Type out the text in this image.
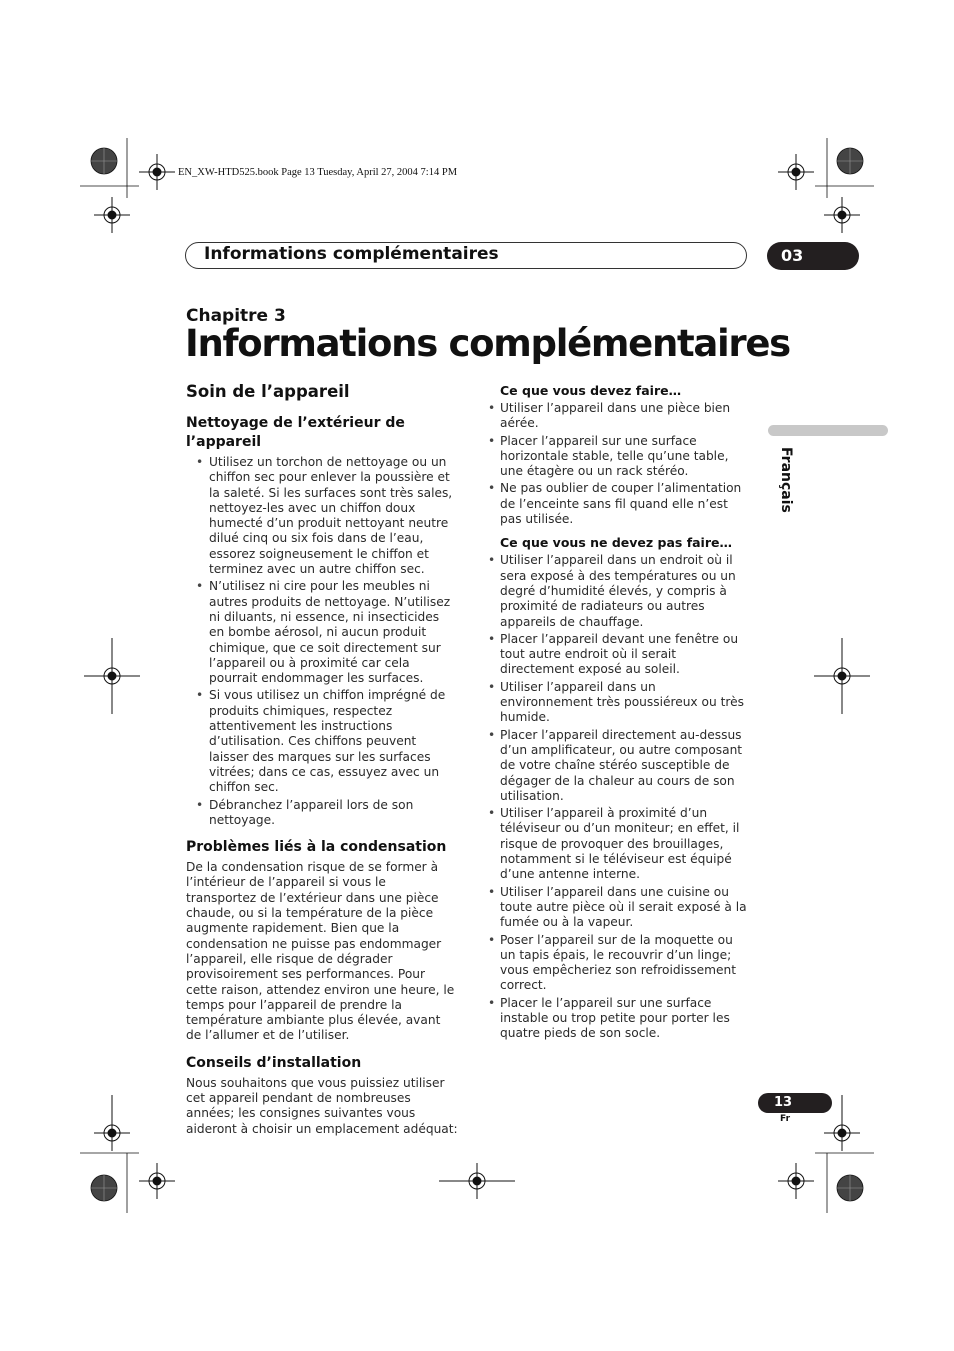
EN_XW-HTD525.book Page 13 Tuesday, April 27, 2004 7:14 PM
Informations complémentaires	03
Chapitre 3
Informations complémentaires
Français
Soin de l’appareil
Nettoyage de l’extérieur de l’appareil
• Utilisez un torchon de nettoyage ou un chiffon sec pour enlever la poussière et la saleté. Si les surfaces sont très sales, nettoyez-les avec un chiffon doux humecté d’un produit nettoyant neutre dilué cinq ou six fois dans de l’eau, essorez soigneusement le chiffon et terminez avec un autre chiffon sec.
• N’utilisez ni cire pour les meubles ni autres produits de nettoyage. N’utilisez ni diluants, ni essence, ni insecticides en bombe aérosol, ni aucun produit chimique, que ce soit directement sur l’appareil ou à proximité car cela pourrait endommager les surfaces.
• Si vous utilisez un chiffon imprégné de produits chimiques, respectez attentivement les instructions d’utilisation. Ces chiffons peuvent laisser des marques sur les surfaces vitrées; dans ce cas, essuyez avec un chiffon sec.
• Débranchez l’appareil lors de son nettoyage.
Problèmes liés à la condensation

De la condensation risque de se former à l’intérieur de l’appareil si vous le transportez de l’extérieur dans une pièce chaude, ou si la température de la pièce augmente rapidement. Bien que la condensation ne puisse pas endommager l’appareil, elle risque de dégrader provisoirement ses performances. Pour cette raison, attendez environ une heure, le temps pour l’appareil de prendre la température ambiante plus élevée, avant de l’allumer et de l’utiliser.

Conseils d’installation

Nous souhaitons que vous puissiez utiliser cet appareil pendant de nombreuses années; les consignes suivantes vous aideront à choisir un emplacement adéquat:

Ce que vous devez faire…
• Utiliser l’appareil dans une pièce bien aérée.
• Placer l’appareil sur une surface horizontale stable, telle qu’une table, une étagère ou un rack stéréo.
• Ne pas oublier de couper l’alimentation de l’enceinte sans fil quand elle n’est pas utilisée.
Ce que vous ne devez pas faire…
• Utiliser l’appareil dans un endroit où il sera exposé à des températures ou un degré d’humidité élevés, y compris à proximité de radiateurs ou autres appareils de chauffage.
• Placer l’appareil devant une fenêtre ou tout autre endroit où il serait directement exposé au soleil.
• Utiliser l’appareil dans un environnement très poussiéreux ou très humide.
• Placer l’appareil directement au-dessus d’un amplificateur, ou autre composant de votre chaîne stéréo susceptible de dégager de la chaleur au cours de son utilisation.
• Utiliser l’appareil à proximité d’un téléviseur ou d’un moniteur; en effet, il risque de provoquer des brouillages, notamment si le téléviseur est équipé d’une antenne interne.
• Utiliser l’appareil dans une cuisine ou toute autre pièce où il serait exposé à la fumée ou à la vapeur.
• Poser l’appareil sur de la moquette ou un tapis épais, le recouvrir d’un linge; vous empêcheriez son refroidissement correct.
• Placer le l’appareil sur une surface instable ou trop petite pour porter les quatre pieds de son socle.
13
Fr
